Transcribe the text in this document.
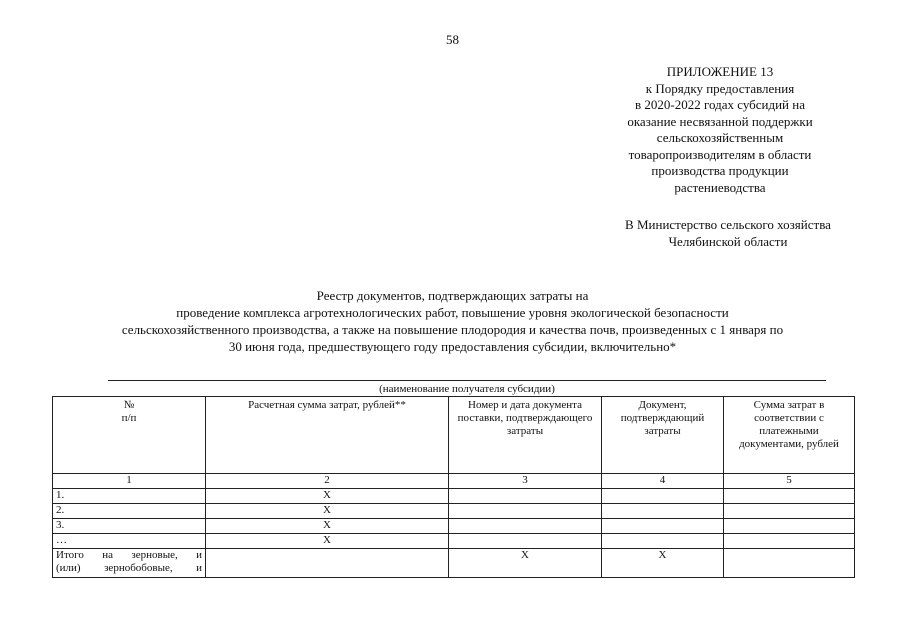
58
ПРИЛОЖЕНИЕ 13
к Порядку предоставления
в 2020-2022 годах субсидий на
оказание несвязанной поддержки
сельскохозяйственным
товаропроизводителям в области
производства продукции
растениеводства
В Министерство сельского хозяйства
Челябинской области
Реестр документов, подтверждающих затраты на
проведение комплекса агротехнологических работ, повышение уровня экологической безопасности
сельскохозяйственного производства, а также на повышение плодородия и качества почв, произведенных с 1 января по
30 июня года, предшествующего году предоставления субсидии, включительно*
(наименование получателя субсидии)
№
п/п	Расчетная сумма затрат, рублей**	Номер и дата документа поставки, подтверждающего затраты	Документ, подтверждающий затраты	Сумма затрат в соответствии с платежными документами, рублей
1	2	3	4	5
1.	X			
2.	X			
3.	X			
…	X			

Итого на зерновые, и
(или) зернобобовые, и		X	X	
